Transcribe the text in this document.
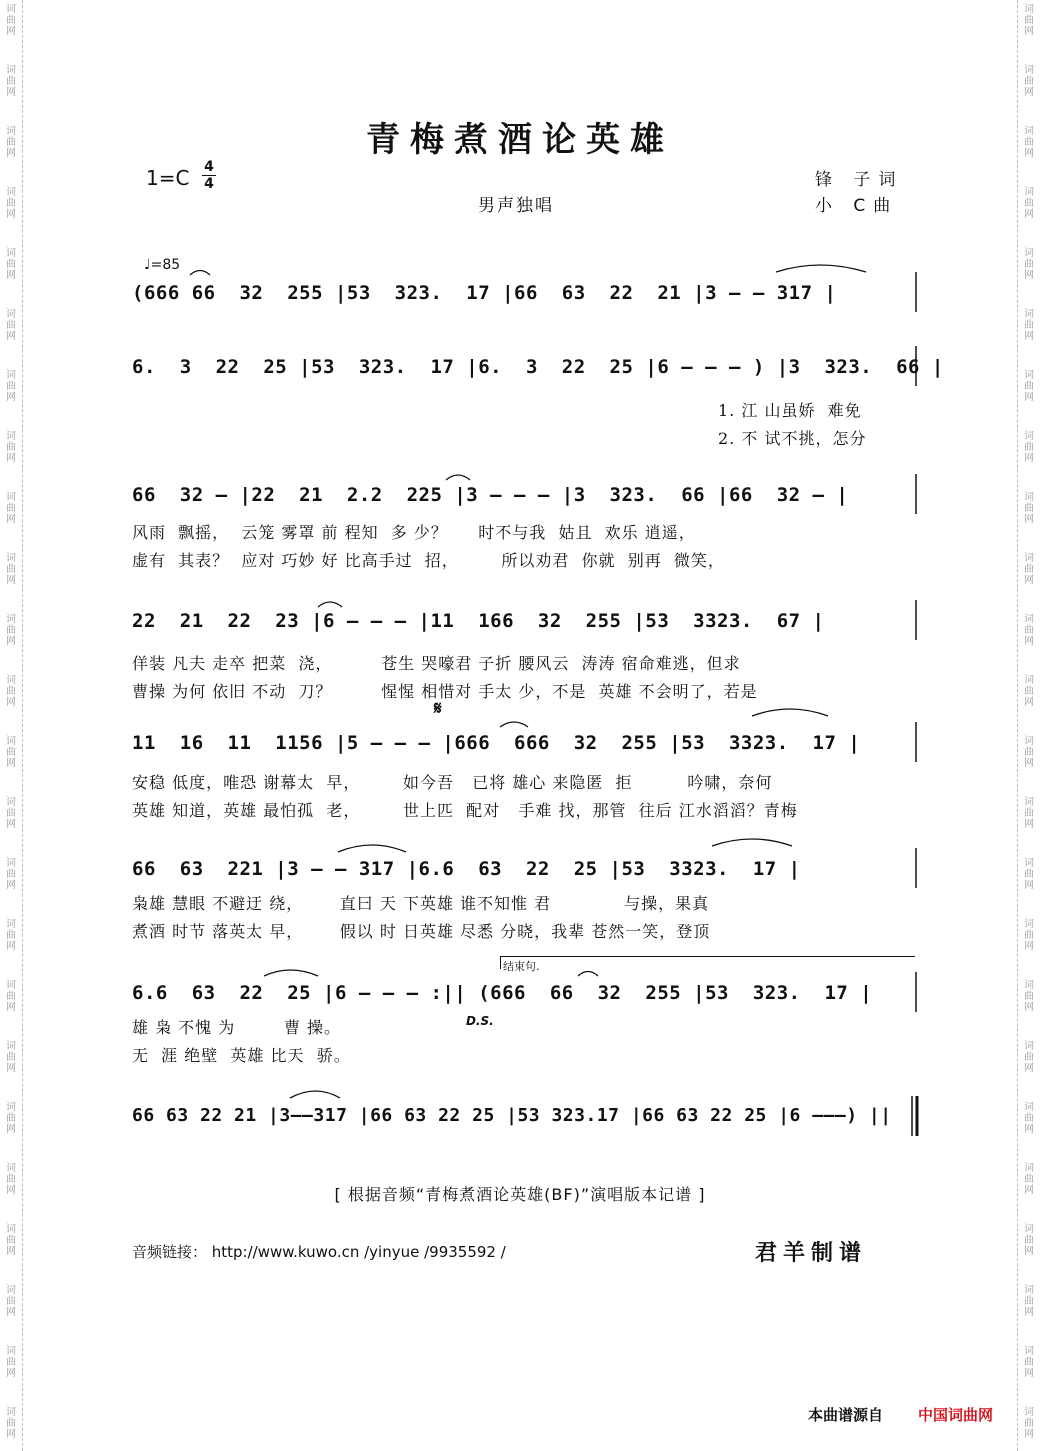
词
曲
网
词
曲
网
词
曲
网
词
曲
网
词
曲
网
词
曲
网
词
曲
网
词
曲
网
词
曲
网
词
曲
网
词
曲
网
词
曲
网
词
曲
网
词
曲
网
词
曲
网
词
曲
网
词
曲
网
词
曲
网
词
曲
网
词
曲
网
词
曲
网
词
曲
网
词
曲
网
词
曲
网
词
曲
网
词
曲
网
词
曲
网
词
曲
网
词
曲
网
词
曲
网
词
曲
网
词
曲
网
词
曲
网
词
曲
网
词
曲
网
词
曲
网
词
曲
网
词
曲
网
词
曲
网
词
曲
网
词
曲
网
词
曲
网
词
曲
网
词
曲
网
词
曲
网
词
曲
网
词
曲
网
词
曲
网
青梅煮酒论英雄
1=C 4
4
男声独唱
锋 子词
小 C曲
♩=85
(666 66  32  255 |53  323.  17 |66  63  22  21 |3 – – 317 |
6.  3  22  25 |53  323.  17 |6.  3  22  25 |6 – – – ) |3  323.  66 |
1. 江 山虽娇  难免
2. 不 试不挑，怎分
66  32 – |22  21  2.2  225 |3 – – – |3  323.  66 |66  32 – |
风雨  飘摇，  云笼 雾罩 前 程知  多 少？     时不与我  姑且  欢乐 逍遥，
虚有  其表？  应对 巧妙 好 比高手过  招，       所以劝君  你就  别再  微笑，
22  21  22  23 |6 – – – |11  166  32  255 |53  3323.  67 |
佯装 凡夫 走卒 把菜  浇，        苍生 哭嚎君 子折 腰风云  涛涛 宿命难逃，但求
曹操 为何 依旧 不动  刀？        惺惺 相惜对 手太 少，不是  英雄 不会明了，若是
𝄋
11  16  11  1156 |5 – – – |666  666  32  255 |53  3323.  17 |
安稳 低度，唯恐 谢幕太  早，       如今吾   已将 雄心 来隐匿  拒         吟啸，奈何
英雄 知道，英雄 最怕孤  老，       世上匹  配对   手难 找，那管  往后 江水滔滔？青梅
66  63  221 |3 – – 317 |6.6  63  22  25 |53  3323.  17 |
枭雄 慧眼 不避迂 绕，      直曰 天 下英雄 谁不知惟 君            与操，果真
煮酒 时节 落英太 早，      假以 时 日英雄 尽悉 分晓，我辈 苍然一笑，登顶
结束句.
6.6  63  22  25 |6 – – – :|| (666  66  32  255 |53  323.  17 |
D.S.
雄 枭 不愧 为        曹 操。
无  涯 绝壁  英雄 比天  骄。
66 63 22 21 |3––317 |66 63 22 25 |53 323.17 |66 63 22 25 |6 –––) ||
[ 根据音频“青梅煮酒论英雄(BF)”演唱版本记谱 ]
音频链接： http://www.kuwo.cn /yinyue /9935592 /	君羊制谱
本曲谱源自 中国词曲网
